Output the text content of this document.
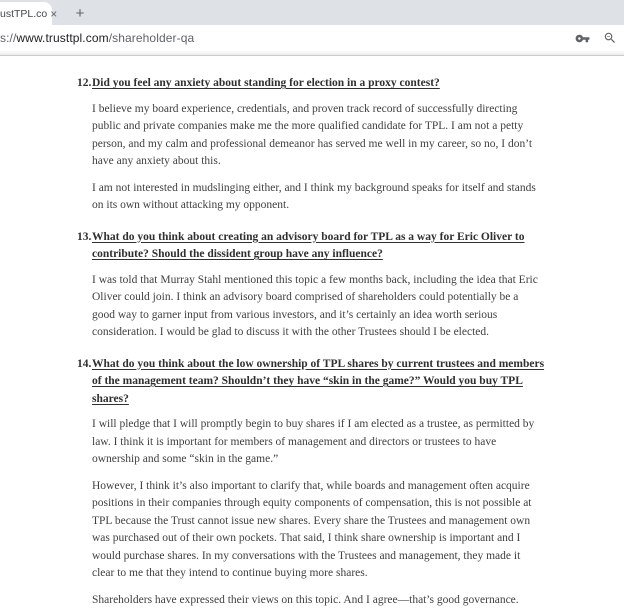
ustTPL.co × +
s://www.trusttpl.com/shareholder-qa
12. Did you feel any anxiety about standing for election in a proxy contest?

I believe my board experience, credentials, and proven track record of successfully directing public and private companies make me the more qualified candidate for TPL. I am not a petty person, and my calm and professional demeanor has served me well in my career, so no, I don’t have any anxiety about this.

I am not interested in mudslinging either, and I think my background speaks for itself and stands on its own without attacking my opponent.

13. What do you think about creating an advisory board for TPL as a way for Eric Oliver to contribute? Should the dissident group have any influence?

I was told that Murray Stahl mentioned this topic a few months back, including the idea that Eric Oliver could join. I think an advisory board comprised of shareholders could potentially be a good way to garner input from various investors, and it’s certainly an idea worth serious consideration. I would be glad to discuss it with the other Trustees should I be elected.

14. What do you think about the low ownership of TPL shares by current trustees and members of the management team? Shouldn’t they have “skin in the game?” Would you buy TPL shares?

I will pledge that I will promptly begin to buy shares if I am elected as a trustee, as permitted by law. I think it is important for members of management and directors or trustees to have ownership and some “skin in the game.”

However, I think it’s also important to clarify that, while boards and management often acquire positions in their companies through equity components of compensation, this is not possible at TPL because the Trust cannot issue new shares. Every share the Trustees and management own was purchased out of their own pockets. That said, I think share ownership is important and I would purchase shares. In my conversations with the Trustees and management, they made it clear to me that they intend to continue buying more shares.

Shareholders have expressed their views on this topic. And I agree—that’s good governance.
